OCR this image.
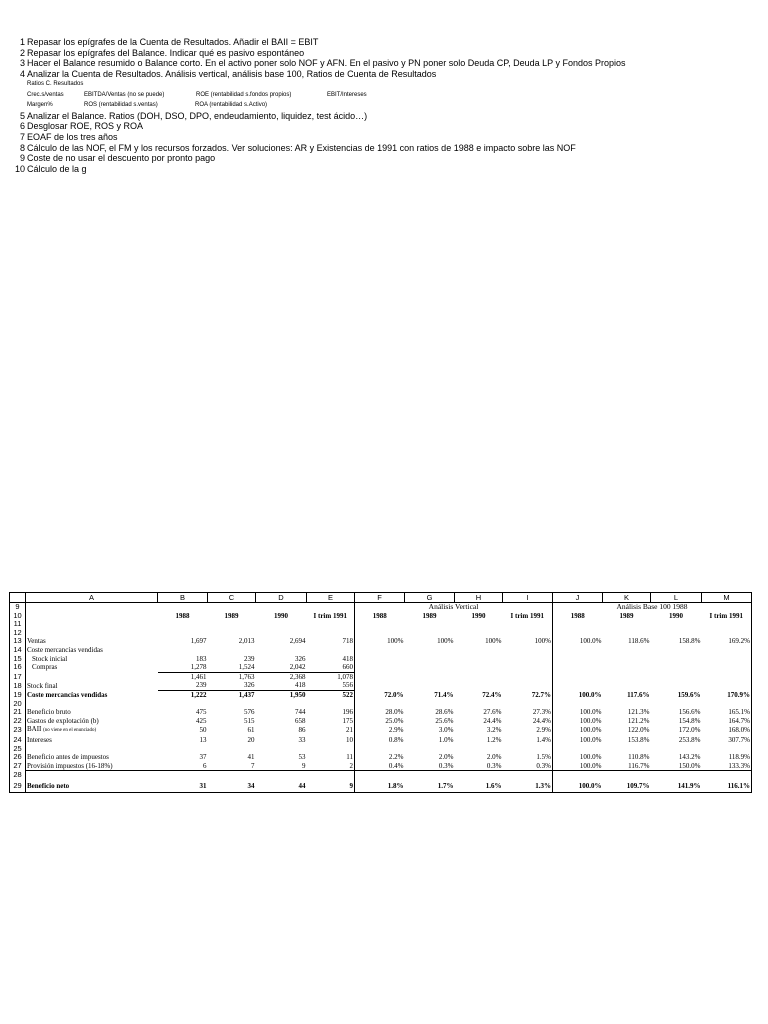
1 Repasar los epígrafes de la Cuenta de Resultados. Añadir el BAII = EBIT
2 Repasar los epígrafes del Balance. Indicar qué es pasivo espontáneo
3 Hacer el Balance resumido o Balance corto. En el activo poner solo NOF y AFN. En el pasivo y PN poner solo Deuda CP, Deuda LP y Fondos Propios
4 Analizar la Cuenta de Resultados. Análisis vertical, análisis base 100, Ratios de Cuenta de Resultados
Ratios C. Resultados
Crec.s/ventas	EBITDA/Ventas (no se puede)	ROE (rentabilidad s.fondos propios)	EBIT/Intereses
Margen%	ROS (rentabilidad s.ventas)	ROA (rentabilidad s.Activo)
5 Analizar el Balance. Ratios (DOH, DSO, DPO, endeudamiento, liquidez, test ácido…)
6 Desglosar ROE, ROS y ROA
7 EOAF de los tres años
8 Cálculo de las NOF, el FM y los recursos forzados. Ver soluciones: AR y Existencias de 1991 con ratios de 1988 e impacto sobre las NOF
9 Coste de no usar el descuento por pronto pago
10 Cálculo de la g
	A	B	C	D	E	F	G	H	I	J	K	L	M
9						Análisis Vertical				Análisis Base 100 1988			
10		1988	1989	1990	I trim 1991	1988	1989	1990	I trim 1991	1988	1989	1990	I trim 1991
11													
12													
13	Ventas	1,697	2,013	2,694	718	100%	100%	100%	100%	100.0%	118.6%	158.8%	169.2%
14	Coste mercancías vendidas												
15	Stock inicial	183	239	326	418								
16	Compras	1,278	1,524	2,042	660								
17		1,461	1,763	2,368	1,078								
18	Stock final	239	326	418	556								
19	Coste mercancías vendidas	1,222	1,437	1,950	522	72.0%	71.4%	72.4%	72.7%	100.0%	117.6%	159.6%	170.9%
20													
21	Beneficio bruto	475	576	744	196	28.0%	28.6%	27.6%	27.3%	100.0%	121.3%	156.6%	165.1%
22	Gastos de explotación (b)	425	515	658	175	25.0%	25.6%	24.4%	24.4%	100.0%	121.2%	154.8%	164.7%
23	BAII (no viene en el enunciado)	50	61	86	21	2.9%	3.0%	3.2%	2.9%	100.0%	122.0%	172.0%	168.0%
24	Intereses	13	20	33	10	0.8%	1.0%	1.2%	1.4%	100.0%	153.8%	253.8%	307.7%
25													
26	Beneficio antes de impuestos	37	41	53	11	2.2%	2.0%	2.0%	1.5%	100.0%	110.8%	143.2%	118.9%
27	Provisión impuestos (16-18%)	6	7	9	2	0.4%	0.3%	0.3%	0.3%	100.0%	116.7%	150.0%	133.3%
28													
29	Beneficio neto	31	34	44	9	1.8%	1.7%	1.6%	1.3%	100.0%	109.7%	141.9%	116.1%
